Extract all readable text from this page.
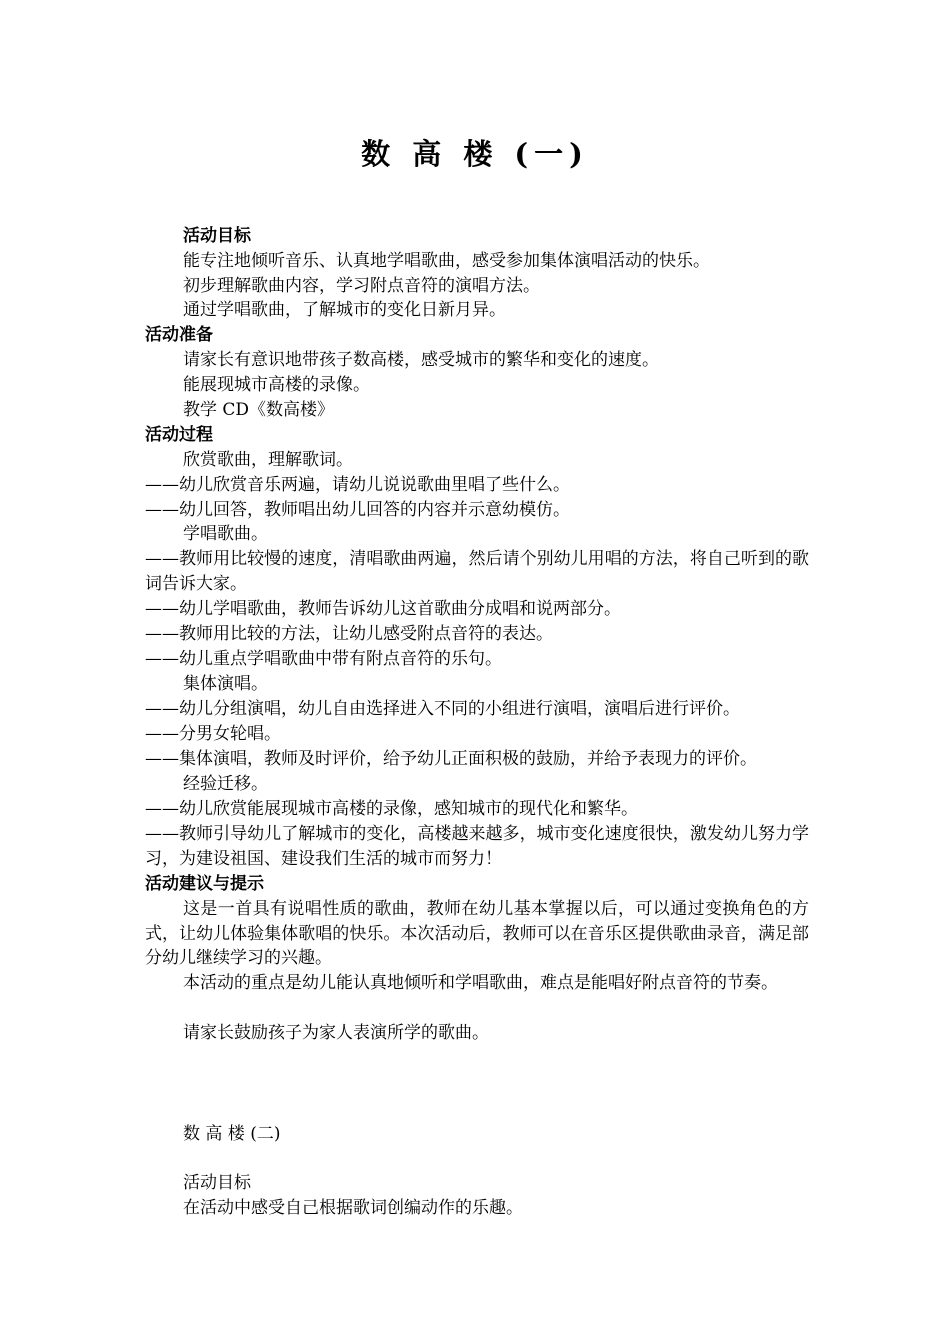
数 高 楼 (一)
活动目标
能专注地倾听音乐、认真地学唱歌曲，感受参加集体演唱活动的快乐。
初步理解歌曲内容，学习附点音符的演唱方法。
通过学唱歌曲，了解城市的变化日新月异。
活动准备
请家长有意识地带孩子数高楼，感受城市的繁华和变化的速度。
能展现城市高楼的录像。
教学 CD《数高楼》
活动过程
欣赏歌曲，理解歌词。
——幼儿欣赏音乐两遍，请幼儿说说歌曲里唱了些什么。
——幼儿回答，教师唱出幼儿回答的内容并示意幼模仿。
学唱歌曲。
——教师用比较慢的速度，清唱歌曲两遍，然后请个别幼儿用唱的方法，将自己听到的歌词告诉大家。
——幼儿学唱歌曲，教师告诉幼儿这首歌曲分成唱和说两部分。
——教师用比较的方法，让幼儿感受附点音符的表达。
——幼儿重点学唱歌曲中带有附点音符的乐句。
集体演唱。
——幼儿分组演唱，幼儿自由选择进入不同的小组进行演唱，演唱后进行评价。
——分男女轮唱。
——集体演唱，教师及时评价，给予幼儿正面积极的鼓励，并给予表现力的评价。
经验迁移。
——幼儿欣赏能展现城市高楼的录像，感知城市的现代化和繁华。
——教师引导幼儿了解城市的变化，高楼越来越多，城市变化速度很快，激发幼儿努力学习，为建设祖国、建设我们生活的城市而努力！
活动建议与提示
这是一首具有说唱性质的歌曲，教师在幼儿基本掌握以后，可以通过变换角色的方式，让幼儿体验集体歌唱的快乐。本次活动后，教师可以在音乐区提供歌曲录音，满足部分幼儿继续学习的兴趣。
本活动的重点是幼儿能认真地倾听和学唱歌曲，难点是能唱好附点音符的节奏。
请家长鼓励孩子为家人表演所学的歌曲。
数 高 楼 (二)
活动目标
在活动中感受自己根据歌词创编动作的乐趣。
